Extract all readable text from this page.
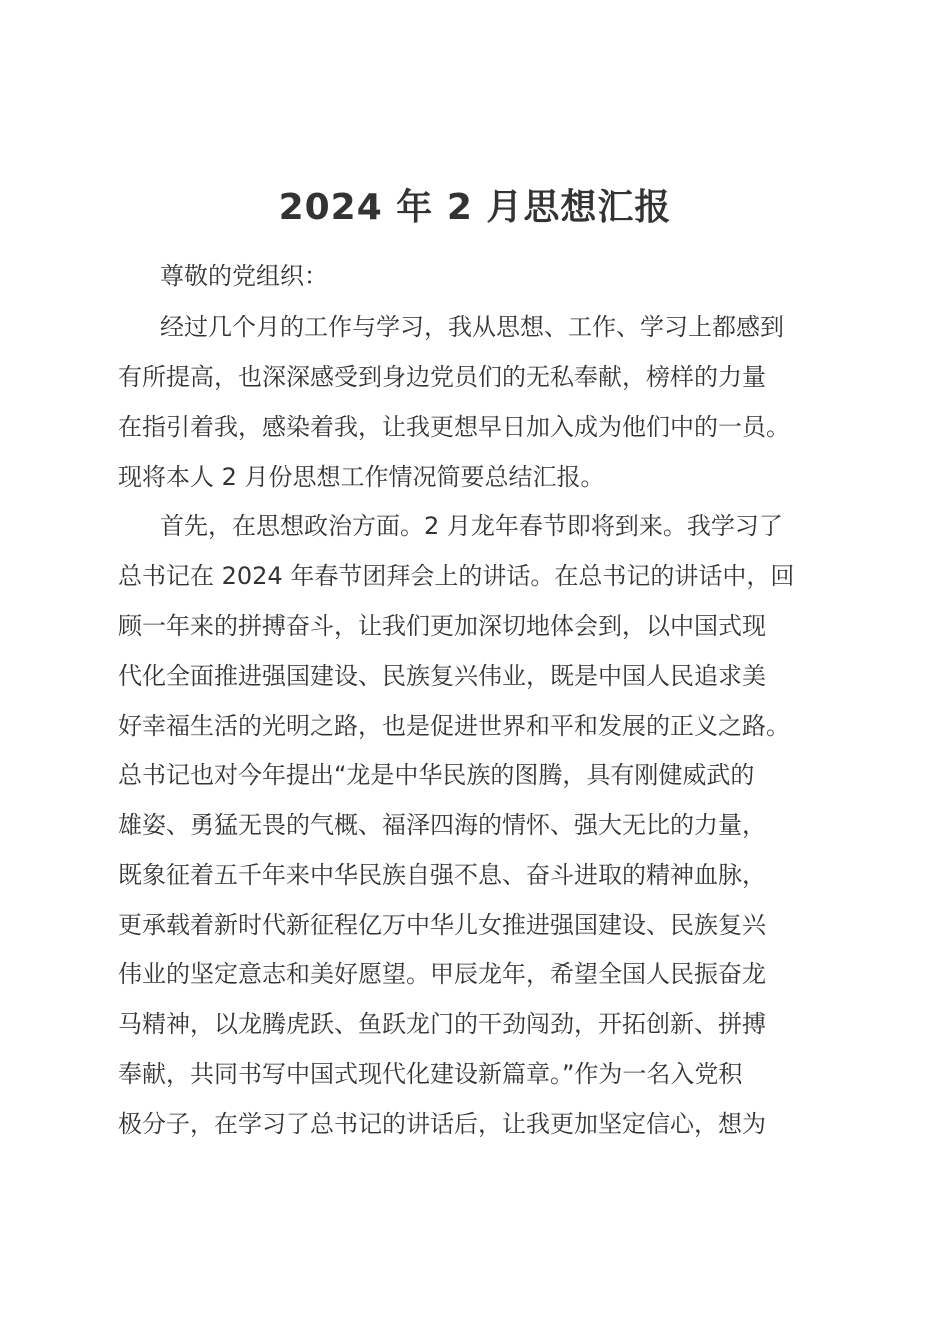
2024 年 2 月思想汇报
尊敬的党组织：
经过几个月的工作与学习，我从思想、工作、学习上都感到
有所提高，也深深感受到身边党员们的无私奉献，榜样的力量
在指引着我，感染着我，让我更想早日加入成为他们中的一员。
现将本人 2 月份思想工作情况简要总结汇报。
首先，在思想政治方面。2 月龙年春节即将到来。我学习了
总书记在 2024 年春节团拜会上的讲话。在总书记的讲话中，回
顾一年来的拼搏奋斗，让我们更加深切地体会到，以中国式现
代化全面推进强国建设、民族复兴伟业，既是中国人民追求美
好幸福生活的光明之路，也是促进世界和平和发展的正义之路。
总书记也对今年提出“龙是中华民族的图腾，具有刚健威武的
雄姿、勇猛无畏的气概、福泽四海的情怀、强大无比的力量，
既象征着五千年来中华民族自强不息、奋斗进取的精神血脉，
更承载着新时代新征程亿万中华儿女推进强国建设、民族复兴
伟业的坚定意志和美好愿望。甲辰龙年，希望全国人民振奋龙
马精神，以龙腾虎跃、鱼跃龙门的干劲闯劲，开拓创新、拼搏
奉献，共同书写中国式现代化建设新篇章。”作为一名入党积
极分子，在学习了总书记的讲话后，让我更加坚定信心，想为
